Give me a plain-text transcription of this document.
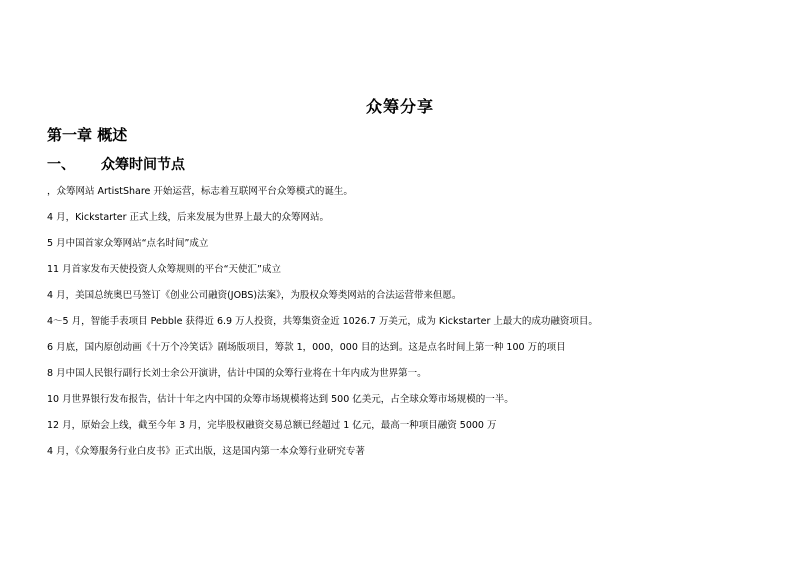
众筹分享
第一章 概述
一、 众筹时间节点
，众筹网站 ArtistShare 开始运营，标志着互联网平台众筹模式的诞生。
4 月，Kickstarter 正式上线，后来发展为世界上最大的众筹网站。
5 月中国首家众筹网站“点名时间”成立
11 月首家发布天使投资人众筹规则的平台“天使汇”成立
4 月，美国总统奥巴马签订《创业公司融资(JOBS)法案》，为股权众筹类网站的合法运营带来但愿。
4～5 月，智能手表项目 Pebble 获得近 6.9 万人投资，共筹集资金近 1026.7 万美元，成为 Kickstarter 上最大的成功融资项目。
6 月底，国内原创动画《十万个冷笑话》剧场版项目，筹款 1，000，000 目的达到。这是点名时间上第一种 100 万的项目
8 月中国人民银行副行长刘士余公开演讲，估计中国的众筹行业将在十年内成为世界第一。
10 月世界银行发布报告，估计十年之内中国的众筹市场规模将达到 500 亿美元，占全球众筹市场规模的一半。
12 月，原始会上线，截至今年 3 月，完毕股权融资交易总额已经超过 1 亿元，最高一种项目融资 5000 万
4 月，《众筹服务行业白皮书》正式出版，这是国内第一本众筹行业研究专著
